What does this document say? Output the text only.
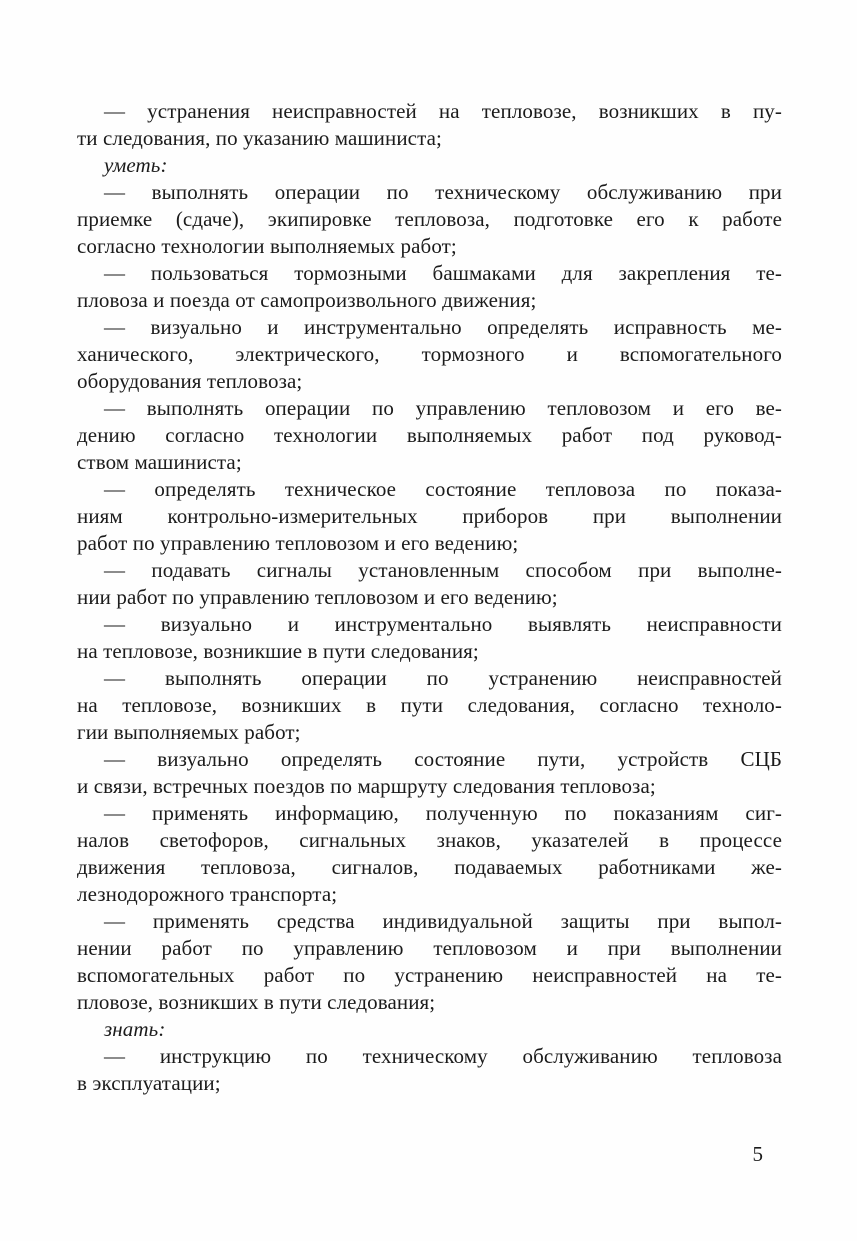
— устранения неисправностей на тепловозе, возникших в пу-
ти следования, по указанию машиниста;
уметь:
— выполнять операции по техническому обслуживанию при
приемке (сдаче), экипировке тепловоза, подготовке его к работе
согласно технологии выполняемых работ;
— пользоваться тормозными башмаками для закрепления те-
пловоза и поезда от самопроизвольного движения;
— визуально и инструментально определять исправность ме-
ханического, электрического, тормозного и вспомогательного
оборудования тепловоза;
— выполнять операции по управлению тепловозом и его ве-
дению согласно технологии выполняемых работ под руковод-
ством машиниста;
— определять техническое состояние тепловоза по показа-
ниям контрольно-измерительных приборов при выполнении
работ по управлению тепловозом и его ведению;
— подавать сигналы установленным способом при выполне-
нии работ по управлению тепловозом и его ведению;
— визуально и инструментально выявлять неисправности
на тепловозе, возникшие в пути следования;
— выполнять операции по устранению неисправностей
на тепловозе, возникших в пути следования, согласно техноло-
гии выполняемых работ;
— визуально определять состояние пути, устройств СЦБ
и связи, встречных поездов по маршруту следования тепловоза;
— применять информацию, полученную по показаниям сиг-
налов светофоров, сигнальных знаков, указателей в процессе
движения тепловоза, сигналов, подаваемых работниками же-
лезнодорожного транспорта;
— применять средства индивидуальной защиты при выпол-
нении работ по управлению тепловозом и при выполнении
вспомогательных работ по устранению неисправностей на те-
пловозе, возникших в пути следования;
знать:
— инструкцию по техническому обслуживанию тепловоза
в эксплуатации;
5
